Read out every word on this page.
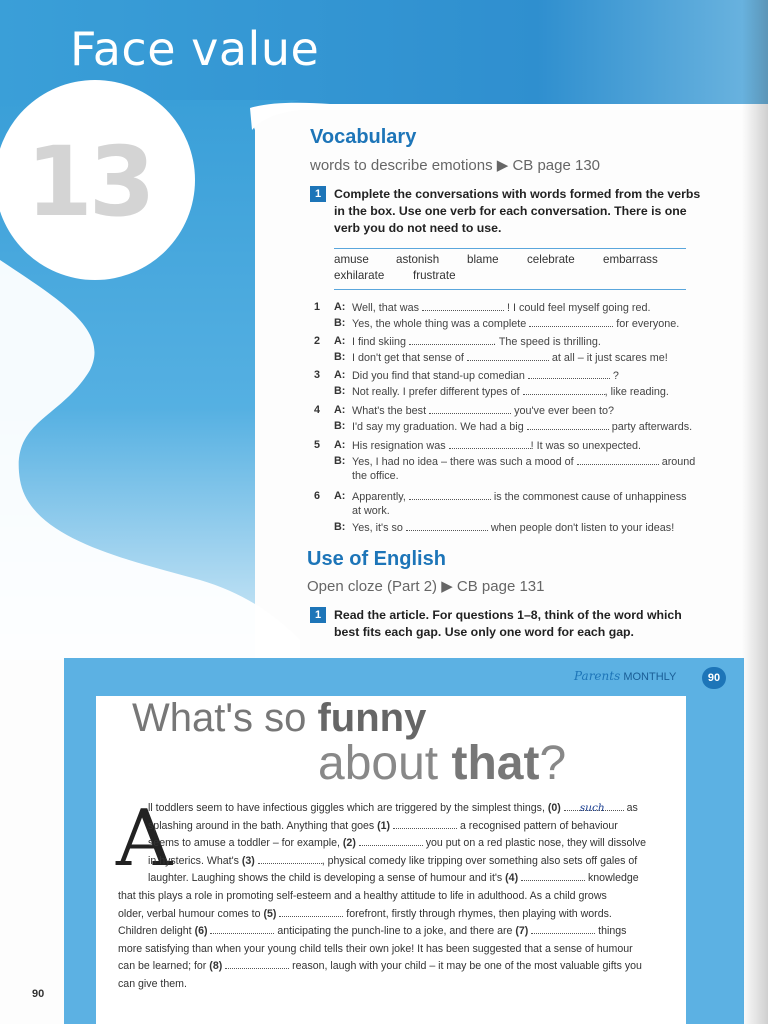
Face value
13	Vocabulary
words to describe emotions ▶ CB page 130
1	Complete the conversations with words formed from the verbs in the box. Use one verb for each conversation. There is one verb you do not need to use.
amuse astonish blame celebrate embarrass
exhilarate frustrate
1 A: Well, that was	! I could feel myself going red.
B: Yes, the whole thing was a complete	for everyone.
2 A: I find skiing	. The speed is thrilling.
B: I don't get that sense of	at all – it just scares me!
3 A: Did you find that stand-up comedian	?
B: Not really. I prefer different types of	, like reading.
4 A: What's the best	you've ever been to?
B: I'd say my graduation. We had a big	party afterwards.
5 A: His resignation was	! It was so unexpected.
B: Yes, I had no idea – there was such a mood of	around
the office.
6 A: Apparently,	is the commonest cause of unhappiness
at work.
B: Yes, it's so	when people don't listen to your ideas!
Use of English
Open cloze (Part 2) ▶ CB page 131
1	Read the article. For questions 1–8, think of the word which best fits each gap. Use only one word for each gap.
Parents MONTHLY	90
What's so funny
about that?
A
ll toddlers seem to have infectious giggles which are triggered by the simplest things, (0) such as
splashing around in the bath. Anything that goes (1)	a recognised pattern of behaviour
seems to amuse a toddler – for example, (2)	you put on a red plastic nose, they will dissolve
in hysterics. What's (3)	, physical comedy like tripping over something also sets off gales of
laughter. Laughing shows the child is developing a sense of humour and it's (4)	knowledge
that this plays a role in promoting self-esteem and a healthy attitude to life in adulthood. As a child grows
older, verbal humour comes to (5)	forefront, firstly through rhymes, then playing with words.
Children delight (6)	anticipating the punch-line to a joke, and there are (7)	things
more satisfying than when your young child tells their own joke! It has been suggested that a sense of humour
can be learned; for (8)	reason, laugh with your child – it may be one of the most valuable gifts you
can give them.
90
